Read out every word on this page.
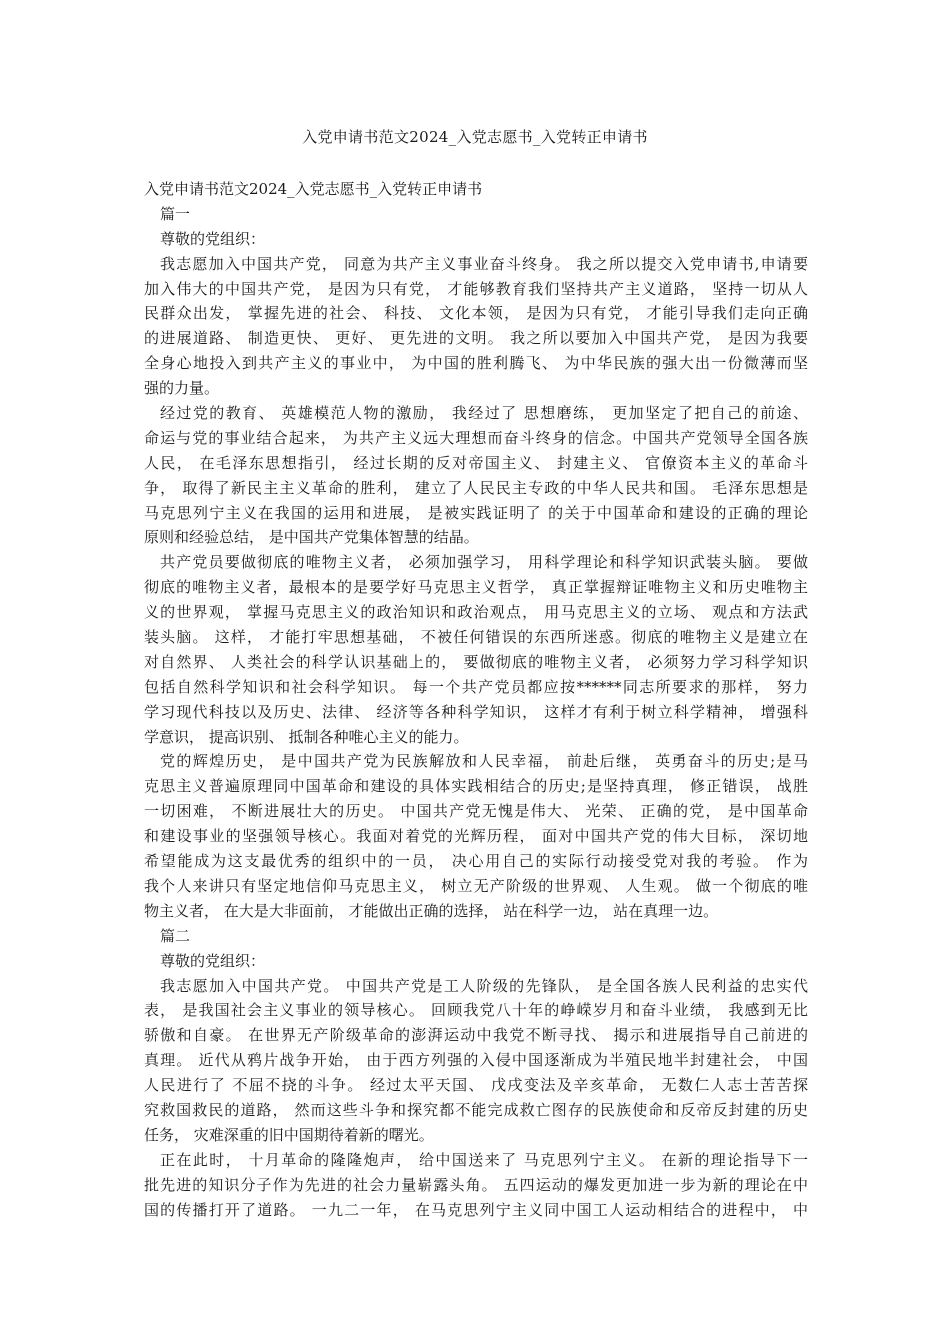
入党申请书范文2024_入党志愿书_入党转正申请书
入党申请书范文2024_入党志愿书_入党转正申请书
篇一
尊敬的党组织：
我志愿加入中国共产党， 同意为共产主义事业奋斗终身。 我之所以提交入党申请书,申请要
加入伟大的中国共产党， 是因为只有党， 才能够教育我们坚持共产主义道路， 坚持一切从人
民群众出发， 掌握先进的社会、 科技、 文化本领， 是因为只有党， 才能引导我们走向正确
的进展道路、 制造更快、 更好、 更先进的文明。 我之所以要加入中国共产党， 是因为我要
全身心地投入到共产主义的事业中， 为中国的胜利腾飞、 为中华民族的强大出一份微薄而坚
强的力量。
经过党的教育、 英雄模范人物的激励， 我经过了 思想磨练， 更加坚定了把自己的前途、
命运与党的事业结合起来， 为共产主义远大理想而奋斗终身的信念。中国共产党领导全国各族
人民， 在毛泽东思想指引， 经过长期的反对帝国主义、 封建主义、 官僚资本主义的革命斗
争， 取得了新民主主义革命的胜利， 建立了人民民主专政的中华人民共和国。 毛泽东思想是
马克思列宁主义在我国的运用和进展， 是被实践证明了 的关于中国革命和建设的正确的理论
原则和经验总结， 是中国共产党集体智慧的结晶。
共产党员要做彻底的唯物主义者， 必须加强学习， 用科学理论和科学知识武装头脑。 要做
彻底的唯物主义者，最根本的是要学好马克思主义哲学， 真正掌握辩证唯物主义和历史唯物主
义的世界观， 掌握马克思主义的政治知识和政治观点， 用马克思主义的立场、 观点和方法武
装头脑。 这样， 才能打牢思想基础， 不被任何错误的东西所迷惑。彻底的唯物主义是建立在
对自然界、 人类社会的科学认识基础上的， 要做彻底的唯物主义者， 必须努力学习科学知识
包括自然科学知识和社会科学知识。 每一个共产党员都应按******同志所要求的那样， 努力
学习现代科技以及历史、法律、 经济等各种科学知识， 这样才有利于树立科学精神， 增强科
学意识， 提高识别、 抵制各种唯心主义的能力。
党的辉煌历史， 是中国共产党为民族解放和人民幸福， 前赴后继， 英勇奋斗的历史;是马
克思主义普遍原理同中国革命和建设的具体实践相结合的历史;是坚持真理， 修正错误， 战胜
一切困难， 不断进展壮大的历史。 中国共产党无愧是伟大、 光荣、 正确的党， 是中国革命
和建设事业的坚强领导核心。我面对着党的光辉历程， 面对中国共产党的伟大目标， 深切地
希望能成为这支最优秀的组织中的一员， 决心用自己的实际行动接受党对我的考验。 作为
我个人来讲只有坚定地信仰马克思主义， 树立无产阶级的世界观、 人生观。 做一个彻底的唯
物主义者， 在大是大非面前， 才能做出正确的选择， 站在科学一边， 站在真理一边。
篇二
尊敬的党组织：
我志愿加入中国共产党。 中国共产党是工人阶级的先锋队， 是全国各族人民利益的忠实代
表， 是我国社会主义事业的领导核心。 回顾我党八十年的峥嵘岁月和奋斗业绩， 我感到无比
骄傲和自豪。 在世界无产阶级革命的澎湃运动中我党不断寻找、 揭示和进展指导自己前进的
真理。 近代从鸦片战争开始， 由于西方列强的入侵中国逐渐成为半殖民地半封建社会， 中国
人民进行了 不屈不挠的斗争。 经过太平天国、 戊戌变法及辛亥革命， 无数仁人志士苦苦探
究救国救民的道路， 然而这些斗争和探究都不能完成救亡图存的民族使命和反帝反封建的历史
任务， 灾难深重的旧中国期待着新的曙光。
正在此时， 十月革命的隆隆炮声， 给中国送来了 马克思列宁主义。 在新的理论指导下一
批先进的知识分子作为先进的社会力量崭露头角。 五四运动的爆发更加进一步为新的理论在中
国的传播打开了道路。 一九二一年， 在马克思列宁主义同中国工人运动相结合的进程中， 中
